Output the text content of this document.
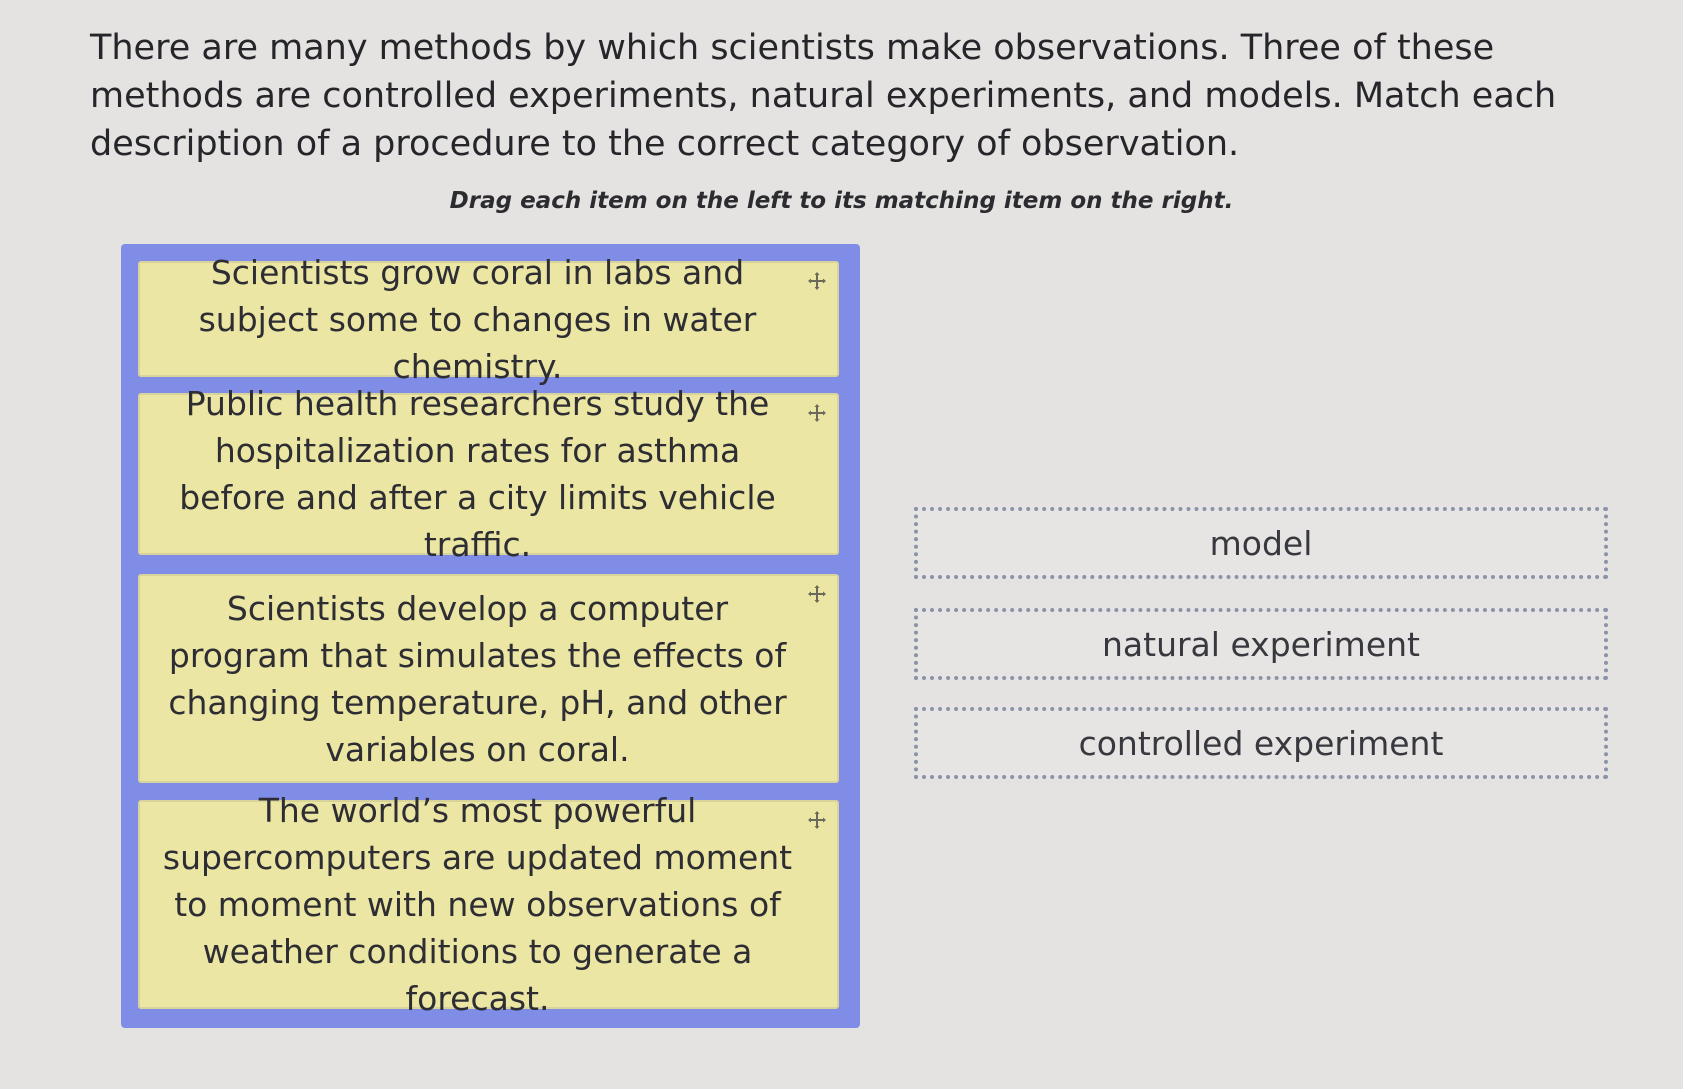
There are many methods by which scientists make observations. Three of these methods are controlled experiments, natural experiments, and models. Match each description of a procedure to the correct category of observation.

Drag each item on the left to its matching item on the right.

Scientists grow coral in labs and subject some to changes in water chemistry.
Public health researchers study the hospitalization rates for asthma before and after a city limits vehicle traffic.
Scientists develop a computer program that simulates the effects of changing temperature, pH, and other variables on coral.
The world’s most powerful supercomputers are updated moment to moment with new observations of weather conditions to generate a forecast.
model
natural experiment
controlled experiment
